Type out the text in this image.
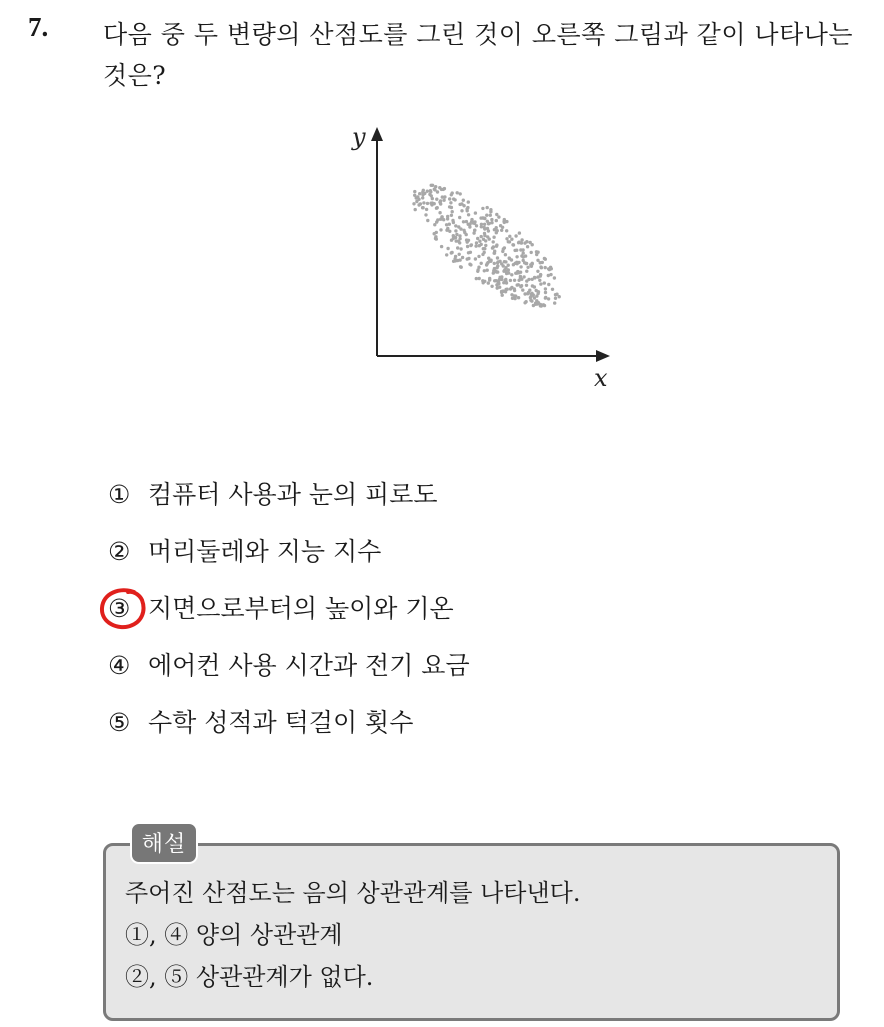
7. 다음 중 두 변량의 산점도를 그린 것이 오른쪽 그림과 같이 나타나는 것은?
x
y
① 컴퓨터 사용과 눈의 피로도
② 머리둘레와 지능 지수
③ 지면으로부터의 높이와 기온
④ 에어컨 사용 시간과 전기 요금
⑤ 수학 성적과 턱걸이 횟수
해설
주어진 산점도는 음의 상관관계를 나타낸다.
①, ④ 양의 상관관계
②, ⑤ 상관관계가 없다.
